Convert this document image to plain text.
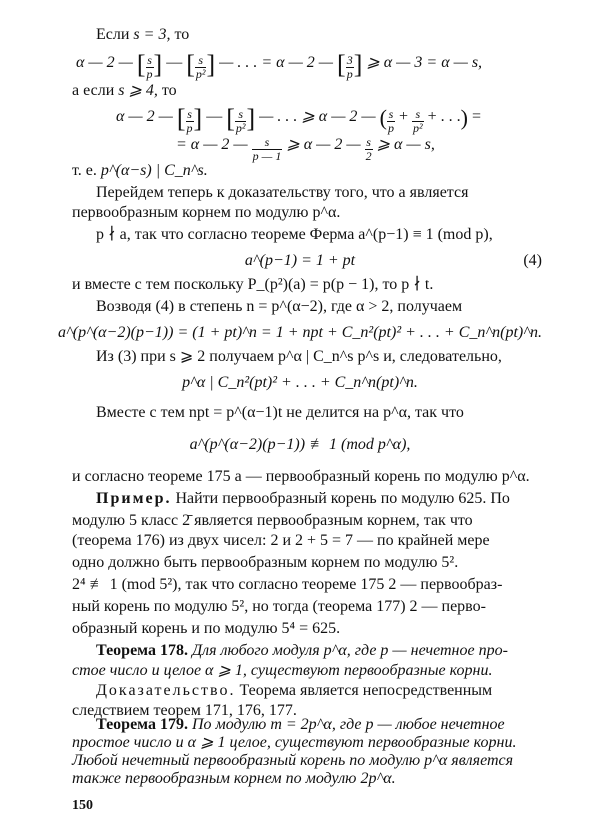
Если s = 3, то
α — 2 — [ $\frac{s}{p}$ ] — [ $\frac{s}{\text{p²}}$ ] — . . . = α — 2 — [ $\frac{3}{p}$ ] ⩾ α — 3 = α — s,
а если s ⩾ 4, то
α — 2 — [ $\frac{s}{p}$ ] — [ $\frac{s}{\text{p²}}$ ] — . . . ⩾ α — 2 — ( $\frac{s}{p} + \frac{s}{\text{p²}}$ + . . .) =
= α — 2 — $\frac{s}{p — 1}$ ⩾ α — 2 — $\frac{s}{2}$ ⩾ α — s,
т. е. p^(α−s) | C_n^s.
Перейдем теперь к доказательству того, что a является
первообразным корнем по модулю p^α.
p ∤ a, так что согласно теореме Ферма a^(p−1) ≡ 1 (mod p),
a^(p−1) = 1 + pt	(4)
и вместе с тем поскольку P_(p²)(a) = p(p − 1), то p ∤ t.
Возводя (4) в степень n = p^(α−2), где α > 2, получаем
a^(p^(α−2)(p−1)) = (1 + pt)^n = 1 + npt + C_n²(pt)² + . . . + C_n^n(pt)^n.
Из (3) при s ⩾ 2 получаем p^α | C_n^s p^s и, следовательно,
p^α | C_n²(pt)² + . . . + C_n^n(pt)^n.
Вместе с тем npt = p^(α−1)t не делится на p^α, так что
a^(p^(α−2)(p−1)) ≢ 1 (mod p^α),
и согласно теореме 175 a — первообразный корень по модулю p^α.
Пример. Найти первообразный корень по модулю 625. По
модулю 5 класс 2̄ является первообразным корнем, так что
(теорема 176) из двух чисел: 2 и 2 + 5 = 7 — по крайней мере
одно должно быть первообразным корнем по модулю 5².
2⁴ ≢ 1 (mod 5²), так что согласно теореме 175 2 — первообраз-
ный корень по модулю 5², но тогда (теорема 177) 2 — перво-
образный корень и по модулю 5⁴ = 625.
Теорема 178. Для любого модуля p^α, где p — нечетное про-
стое число и целое α ⩾ 1, существуют первообразные корни.
Доказательство. Теорема является непосредственным
следствием теорем 171, 176, 177.
Теорема 179. По модулю m = 2p^α, где p — любое нечетное
простое число и α ⩾ 1 целое, существуют первообразные корни.
Любой нечетный первообразный корень по модулю p^α является
также первообразным корнем по модулю 2p^α.
150
